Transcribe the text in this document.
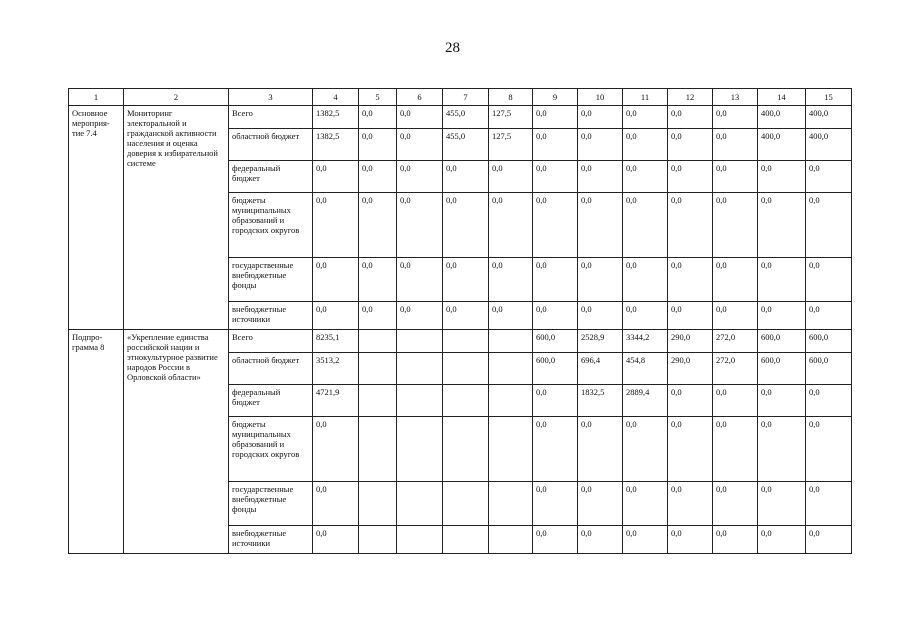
28
1	2	3	4	5	6	7	8	9	10	11	12	13	14	15
Основное мероприя-тие 7.4	Мониторинг электоральной и гражданской активности населения и оценка доверия к избирательной системе	Всего	1382,5	0,0	0,0	455,0	127,5	0,0	0,0	0,0	0,0	0,0	400,0	400,0
		областной бюджет	1382,5	0,0	0,0	455,0	127,5	0,0	0,0	0,0	0,0	0,0	400,0	400,0
		федеральный бюджет	0,0	0,0	0,0	0,0	0,0	0,0	0,0	0,0	0,0	0,0	0,0	0,0
		бюджеты муниципальных образований и городских округов	0,0	0,0	0,0	0,0	0,0	0,0	0,0	0,0	0,0	0,0	0,0	0,0
		государственные внебюджетные фонды	0,0	0,0	0,0	0,0	0,0	0,0	0,0	0,0	0,0	0,0	0,0	0,0
		внебюджетные источники	0,0	0,0	0,0	0,0	0,0	0,0	0,0	0,0	0,0	0,0	0,0	0,0
Подпро-грамма 8	«Укрепление единства российской нации и этнокультурное развитие народов России в Орловской области»	Всего	8235,1					600,0	2528,9	3344,2	290,0	272,0	600,0	600,0
		областной бюджет	3513,2					600,0	696,4	454,8	290,0	272,0	600,0	600,0
		федеральный бюджет	4721,9					0,0	1832,5	2889,4	0,0	0,0	0,0	0,0
		бюджеты муниципальных образований и городских округов	0,0					0,0	0,0	0,0	0,0	0,0	0,0	0,0
		государственные внебюджетные фонды	0,0					0,0	0,0	0,0	0,0	0,0	0,0	0,0
		внебюджетные источники	0,0					0,0	0,0	0,0	0,0	0,0	0,0	0,0
